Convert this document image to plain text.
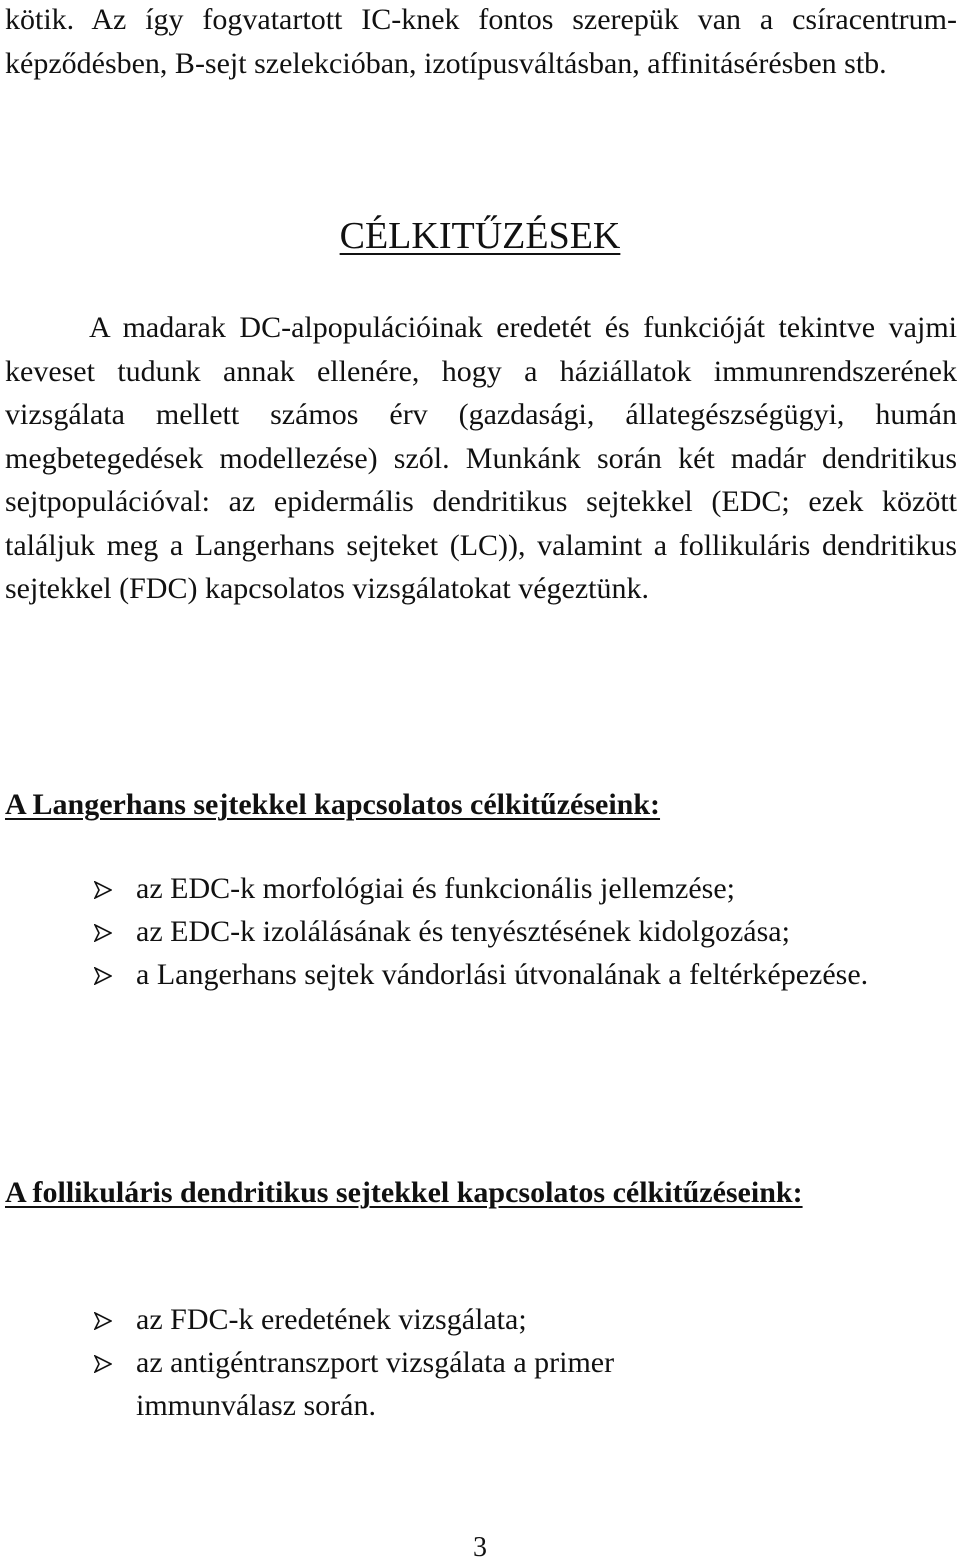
kötik. Az így fogvatartott IC-knek fontos szerepük van a csíracentrum-képződésben, B-sejt szelekcióban, izotípusváltásban, affinitásérésben stb.

CÉLKITŰZÉSEK

A madarak DC-alpopulációinak eredetét és funkcióját tekintve vajmi keveset tudunk annak ellenére, hogy a háziállatok immunrendszerének vizsgálata mellett számos érv (gazdasági, állategészségügyi, humán megbetegedések modellezése) szól. Munkánk során két madár dendritikus sejtpopulációval: az epidermális dendritikus sejtekkel (EDC; ezek között találjuk meg a Langerhans sejteket (LC)), valamint a follikuláris dendritikus sejtekkel (FDC) kapcsolatos vizsgálatokat végeztünk.

A Langerhans sejtekkel kapcsolatos célkitűzéseink:
az EDC-k morfológiai és funkcionális jellemzése;
az EDC-k izolálásának és tenyésztésének kidolgozása;
a Langerhans sejtek vándorlási útvonalának a feltérképezése.
A follikuláris dendritikus sejtekkel kapcsolatos célkitűzéseink:
az FDC-k eredetének vizsgálata;
az antigéntranszport vizsgálata a primer immunválasz során.
3
